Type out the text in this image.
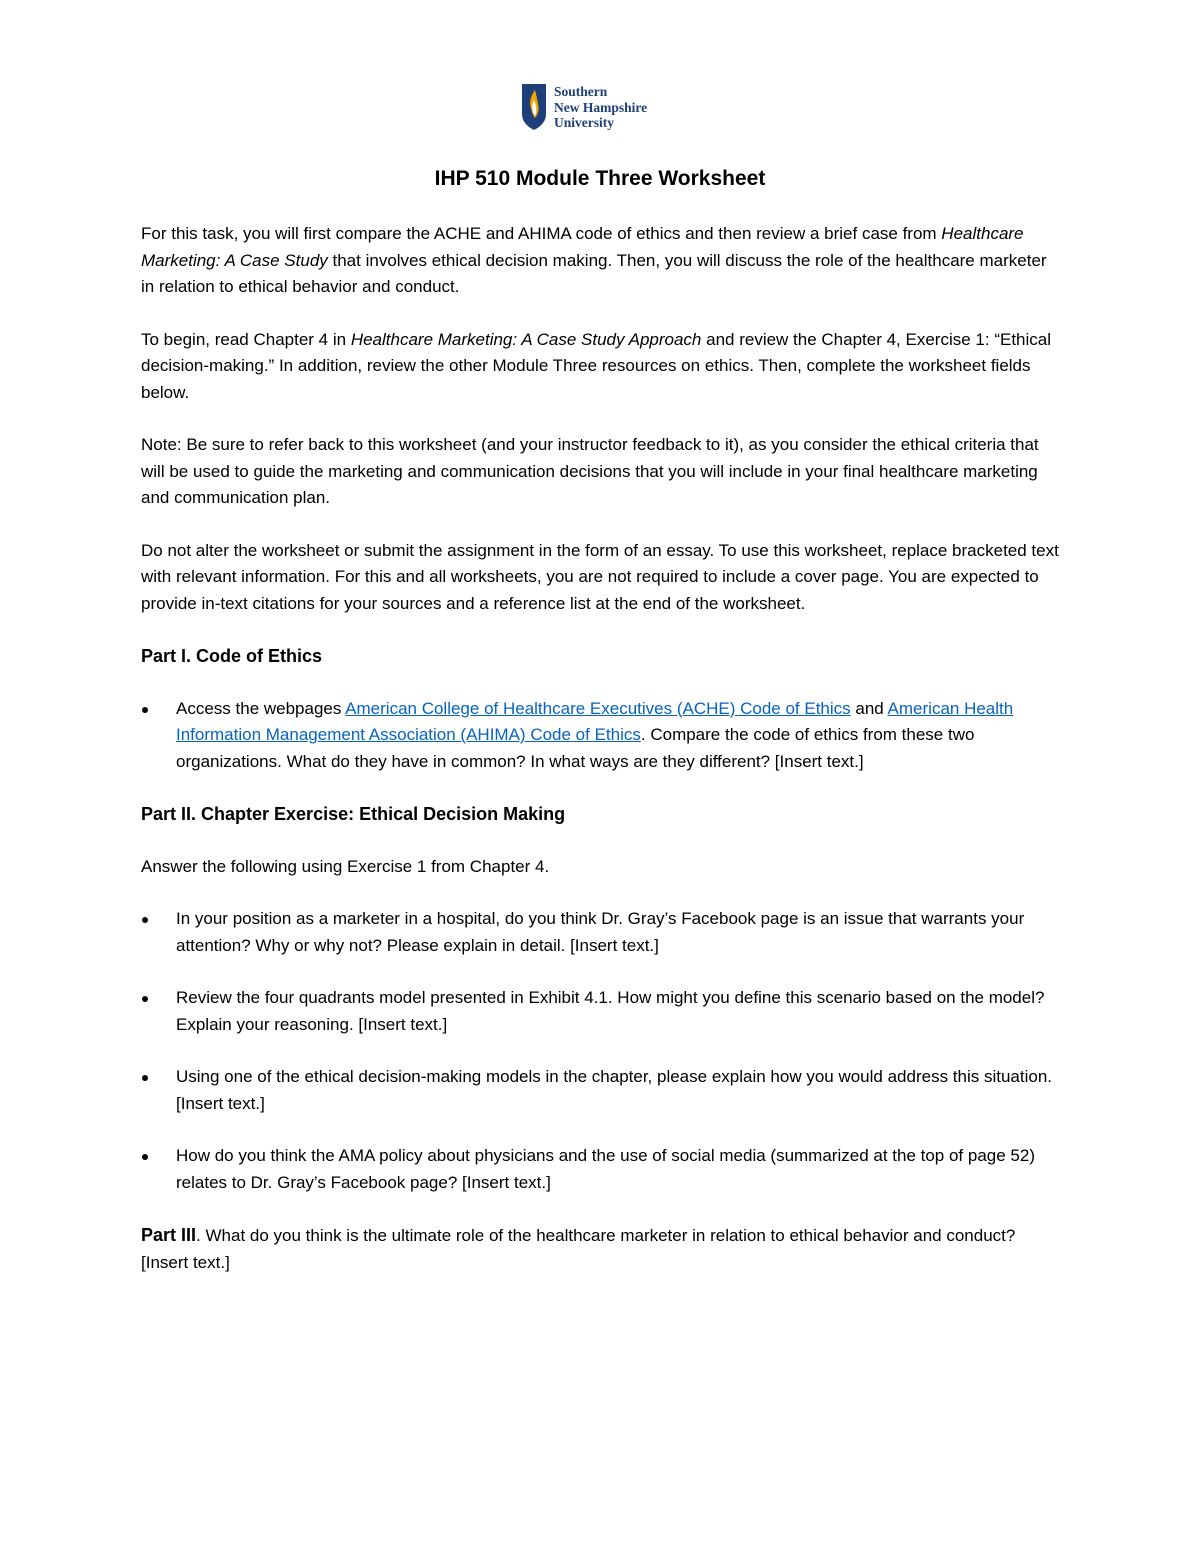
Southern
New Hampshire
University
IHP 510 Module Three Worksheet

For this task, you will first compare the ACHE and AHIMA code of ethics and then review a brief case from Healthcare Marketing: A Case Study that involves ethical decision making. Then, you will discuss the role of the healthcare marketer in relation to ethical behavior and conduct.

To begin, read Chapter 4 in Healthcare Marketing: A Case Study Approach and review the Chapter 4, Exercise 1: “Ethical decision-making.” In addition, review the other Module Three resources on ethics. Then, complete the worksheet fields below.

Note: Be sure to refer back to this worksheet (and your instructor feedback to it), as you consider the ethical criteria that will be used to guide the marketing and communication decisions that you will include in your final healthcare marketing and communication plan.

Do not alter the worksheet or submit the assignment in the form of an essay. To use this worksheet, replace bracketed text with relevant information. For this and all worksheets, you are not required to include a cover page. You are expected to provide in-text citations for your sources and a reference list at the end of the worksheet.

Part I. Code of Ethics

Access the webpages American College of Healthcare Executives (ACHE) Code of Ethics and American Health Information Management Association (AHIMA) Code of Ethics. Compare the code of ethics from these two organizations. What do they have in common? In what ways are they different? [Insert text.]

Part II. Chapter Exercise: Ethical Decision Making

Answer the following using Exercise 1 from Chapter 4.

In your position as a marketer in a hospital, do you think Dr. Gray’s Facebook page is an issue that warrants your attention? Why or why not? Please explain in detail. [Insert text.]
Review the four quadrants model presented in Exhibit 4.1. How might you define this scenario based on the model? Explain your reasoning. [Insert text.]
Using one of the ethical decision-making models in the chapter, please explain how you would address this situation. [Insert text.]
How do you think the AMA policy about physicians and the use of social media (summarized at the top of page 52) relates to Dr. Gray’s Facebook page? [Insert text.]

Part III. What do you think is the ultimate role of the healthcare marketer in relation to ethical behavior and conduct? [Insert text.]
